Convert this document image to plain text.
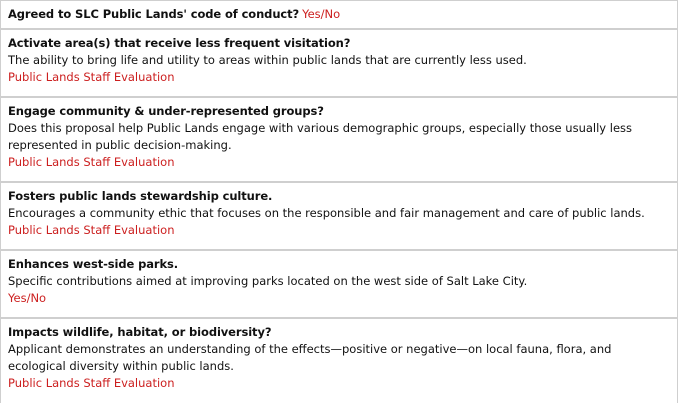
Agreed to SLC Public Lands' code of conduct? Yes/No
Activate area(s) that receive less frequent visitation?
The ability to bring life and utility to areas within public lands that are currently less used.
Public Lands Staff Evaluation
Engage community & under-represented groups?
Does this proposal help Public Lands engage with various demographic groups, especially those usually less represented in public decision-making.
Public Lands Staff Evaluation
Fosters public lands stewardship culture.
Encourages a community ethic that focuses on the responsible and fair management and care of public lands.
Public Lands Staff Evaluation
Enhances west-side parks.
Specific contributions aimed at improving parks located on the west side of Salt Lake City.
Yes/No
Impacts wildlife, habitat, or biodiversity?
Applicant demonstrates an understanding of the effects—positive or negative—on local fauna, flora, and ecological diversity within public lands.
Public Lands Staff Evaluation
